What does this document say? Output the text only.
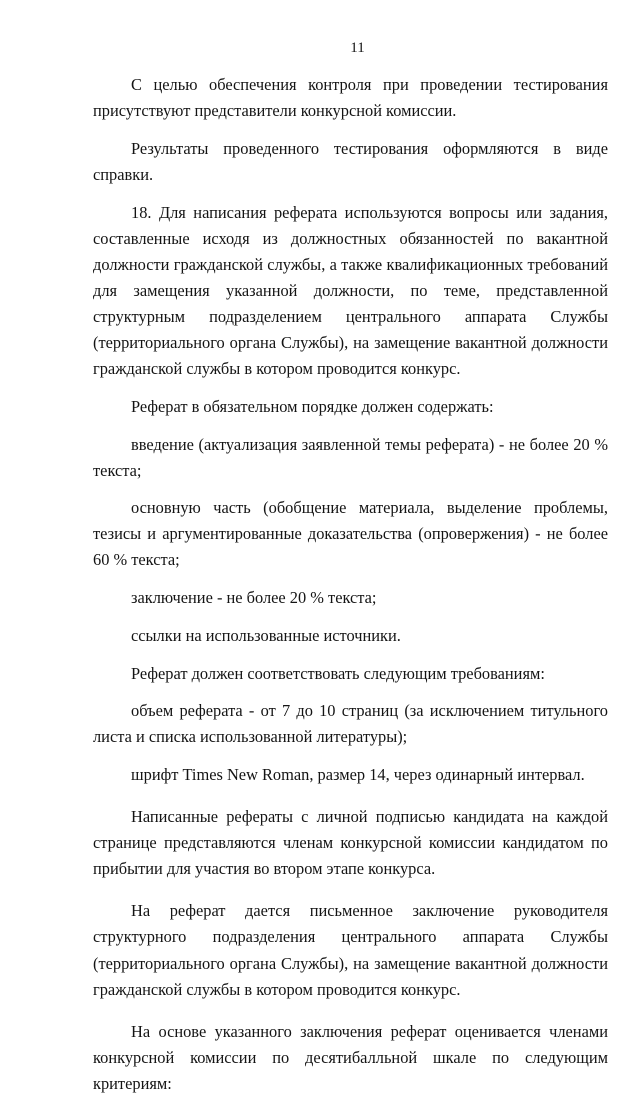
11

С целью обеспечения контроля при проведении тестирования присутствуют представители конкурсной комиссии.

Результаты проведенного тестирования оформляются в виде справки.

18. Для написания реферата используются вопросы или задания, составленные исходя из должностных обязанностей по вакантной должности гражданской службы, а также квалификационных требований для замещения указанной должности, по теме, представленной структурным подразделением центрального аппарата Службы (территориального органа Службы), на замещение вакантной должности гражданской службы в котором проводится конкурс.

Реферат в обязательном порядке должен содержать:

введение (актуализация заявленной темы реферата) - не более 20 % текста;

основную часть (обобщение материала, выделение проблемы, тезисы и аргументированные доказательства (опровержения) - не более 60 % текста;

заключение - не более 20 % текста;

ссылки на использованные источники.

Реферат должен соответствовать следующим требованиям:

объем реферата - от 7 до 10 страниц (за исключением титульного листа и списка использованной литературы);

шрифт Times New Roman, размер 14, через одинарный интервал.

Написанные рефераты с личной подписью кандидата на каждой странице представляются членам конкурсной комиссии кандидатом по прибытии для участия во втором этапе конкурса.

На реферат дается письменное заключение руководителя структурного подразделения центрального аппарата Службы (территориального органа Службы), на замещение вакантной должности гражданской службы в котором проводится конкурс.

На основе указанного заключения реферат оценивается членами конкурсной комиссии по десятибалльной шкале по следующим критериям:
